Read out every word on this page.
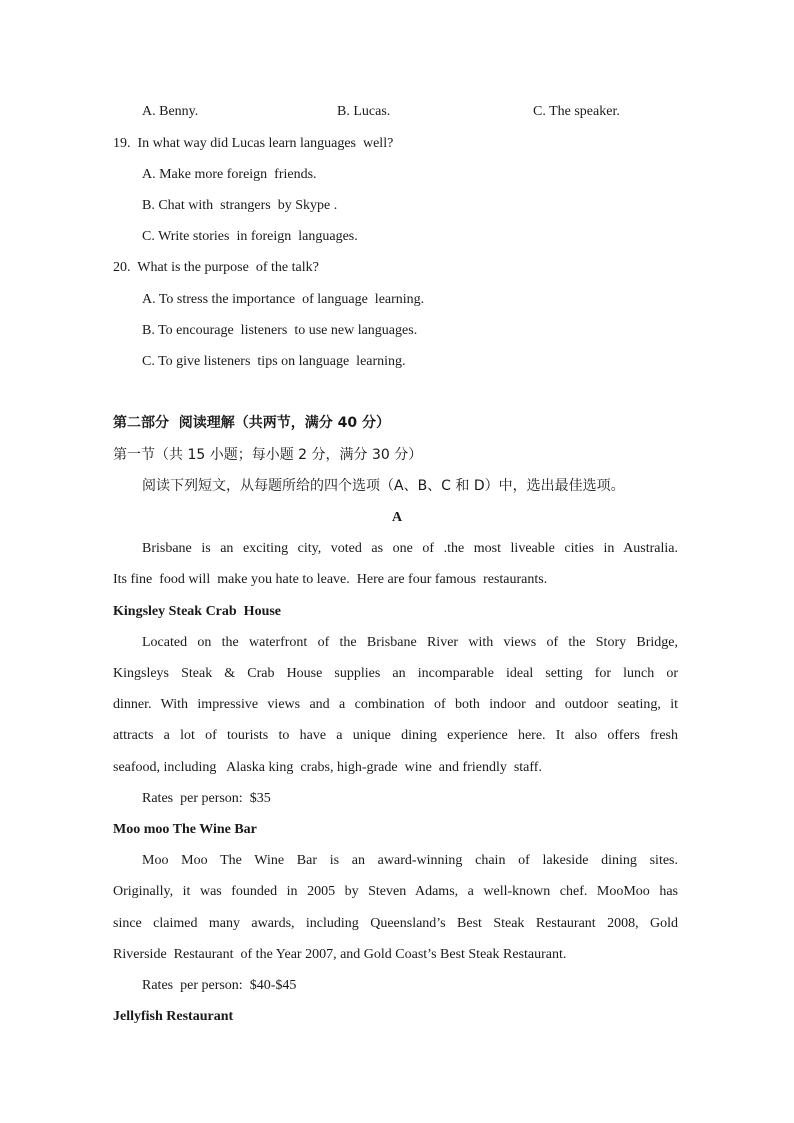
A. Benny.	B. Lucas.	C. The speaker.
19.  In what way did Lucas learn languages  well?
A. Make more foreign  friends.
B. Chat with  strangers  by Skype .
C. Write stories  in foreign  languages.
20.  What is the purpose  of the talk?
A. To stress the importance  of language  learning.
B. To encourage  listeners  to use new languages.
C. To give listeners  tips on language  learning.
第二部分  阅读理解（共两节，满分 40 分）
第一节（共 15 小题；每小题 2 分，满分 30 分）
阅读下列短文，从每题所给的四个选项（A、B、C 和 D）中，选出最佳选项。
A
Brisbane is an exciting city, voted as one of .the most liveable cities in Australia.
Its fine  food will  make you hate to leave.  Here are four famous  restaurants.
Kingsley Steak Crab  House
Located on the waterfront of the Brisbane River with views of the Story Bridge,
Kingsleys Steak & Crab House supplies an incomparable ideal setting for lunch or
dinner. With impressive views and a combination of both indoor and outdoor seating, it
attracts a lot of tourists to have a unique dining experience here. It also offers fresh
seafood, including   Alaska king  crabs, high-grade  wine  and friendly  staff.
Rates  per person:  $35
Moo moo The Wine Bar
Moo Moo The Wine Bar is an award-winning chain of lakeside dining sites.
Originally, it was founded in 2005 by Steven Adams, a well-known chef. MooMoo has
since claimed many awards, including Queensland’s Best Steak Restaurant 2008, Gold
Riverside  Restaurant  of the Year 2007, and Gold Coast’s Best Steak Restaurant.
Rates  per person:  $40-$45
Jellyfish Restaurant
